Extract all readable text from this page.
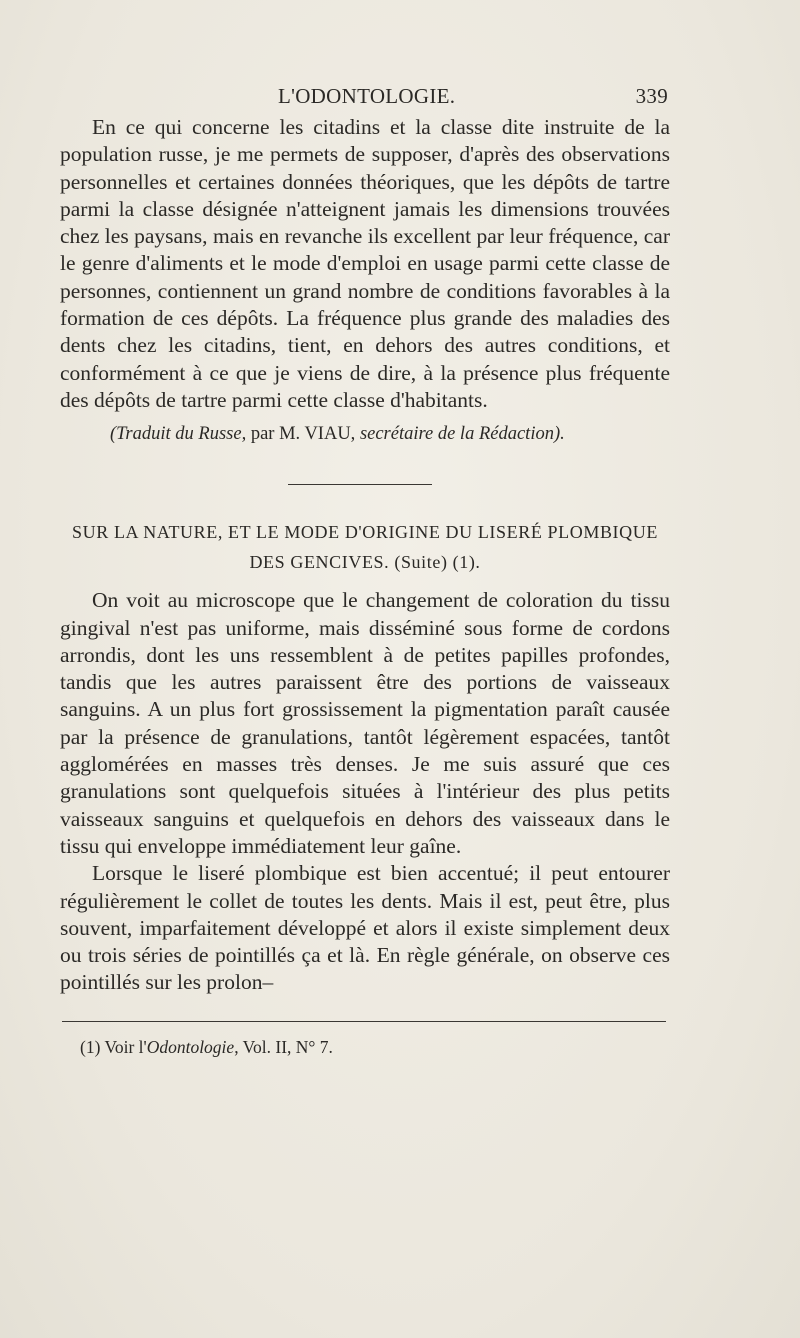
L'ODONTOLOGIE.	339

En ce qui concerne les citadins et la classe dite instruite de la population russe, je me permets de supposer, d'après des observations personnelles et certaines données théoriques, que les dépôts de tartre parmi la classe désignée n'atteignent jamais les dimensions trouvées chez les paysans, mais en revanche ils excellent par leur fréquence, car le genre d'aliments et le mode d'emploi en usage parmi cette classe de personnes, contiennent un grand nombre de conditions favorables à la formation de ces dépôts. La fréquence plus grande des maladies des dents chez les citadins, tient, en dehors des autres conditions, et conformément à ce que je viens de dire, à la présence plus fréquente des dépôts de tartre parmi cette classe d'habitants.

(Traduit du Russe, par M. VIAU, secrétaire de la Rédaction).
SUR LA NATURE, ET LE MODE D'ORIGINE DU LISERÉ PLOMBIQUE
DES GENCIVES. (Suite) (1).

On voit au microscope que le changement de coloration du tissu gingival n'est pas uniforme, mais disséminé sous forme de cordons arrondis, dont les uns ressemblent à de petites papilles profondes, tandis que les autres paraissent être des portions de vaisseaux sanguins. A un plus fort grossissement la pigmentation paraît causée par la présence de granulations, tantôt légèrement espacées, tantôt agglomérées en masses très denses. Je me suis assuré que ces granulations sont quelquefois situées à l'intérieur des plus petits vaisseaux sanguins et quelquefois en dehors des vaisseaux dans le tissu qui enveloppe immédiatement leur gaîne.

Lorsque le liseré plombique est bien accentué; il peut entourer régulièrement le collet de toutes les dents. Mais il est, peut être, plus souvent, imparfaitement développé et alors il existe simplement deux ou trois séries de pointillés ça et là. En règle générale, on observe ces pointillés sur les prolon–

(1) Voir l'Odontologie, Vol. II, N° 7.
